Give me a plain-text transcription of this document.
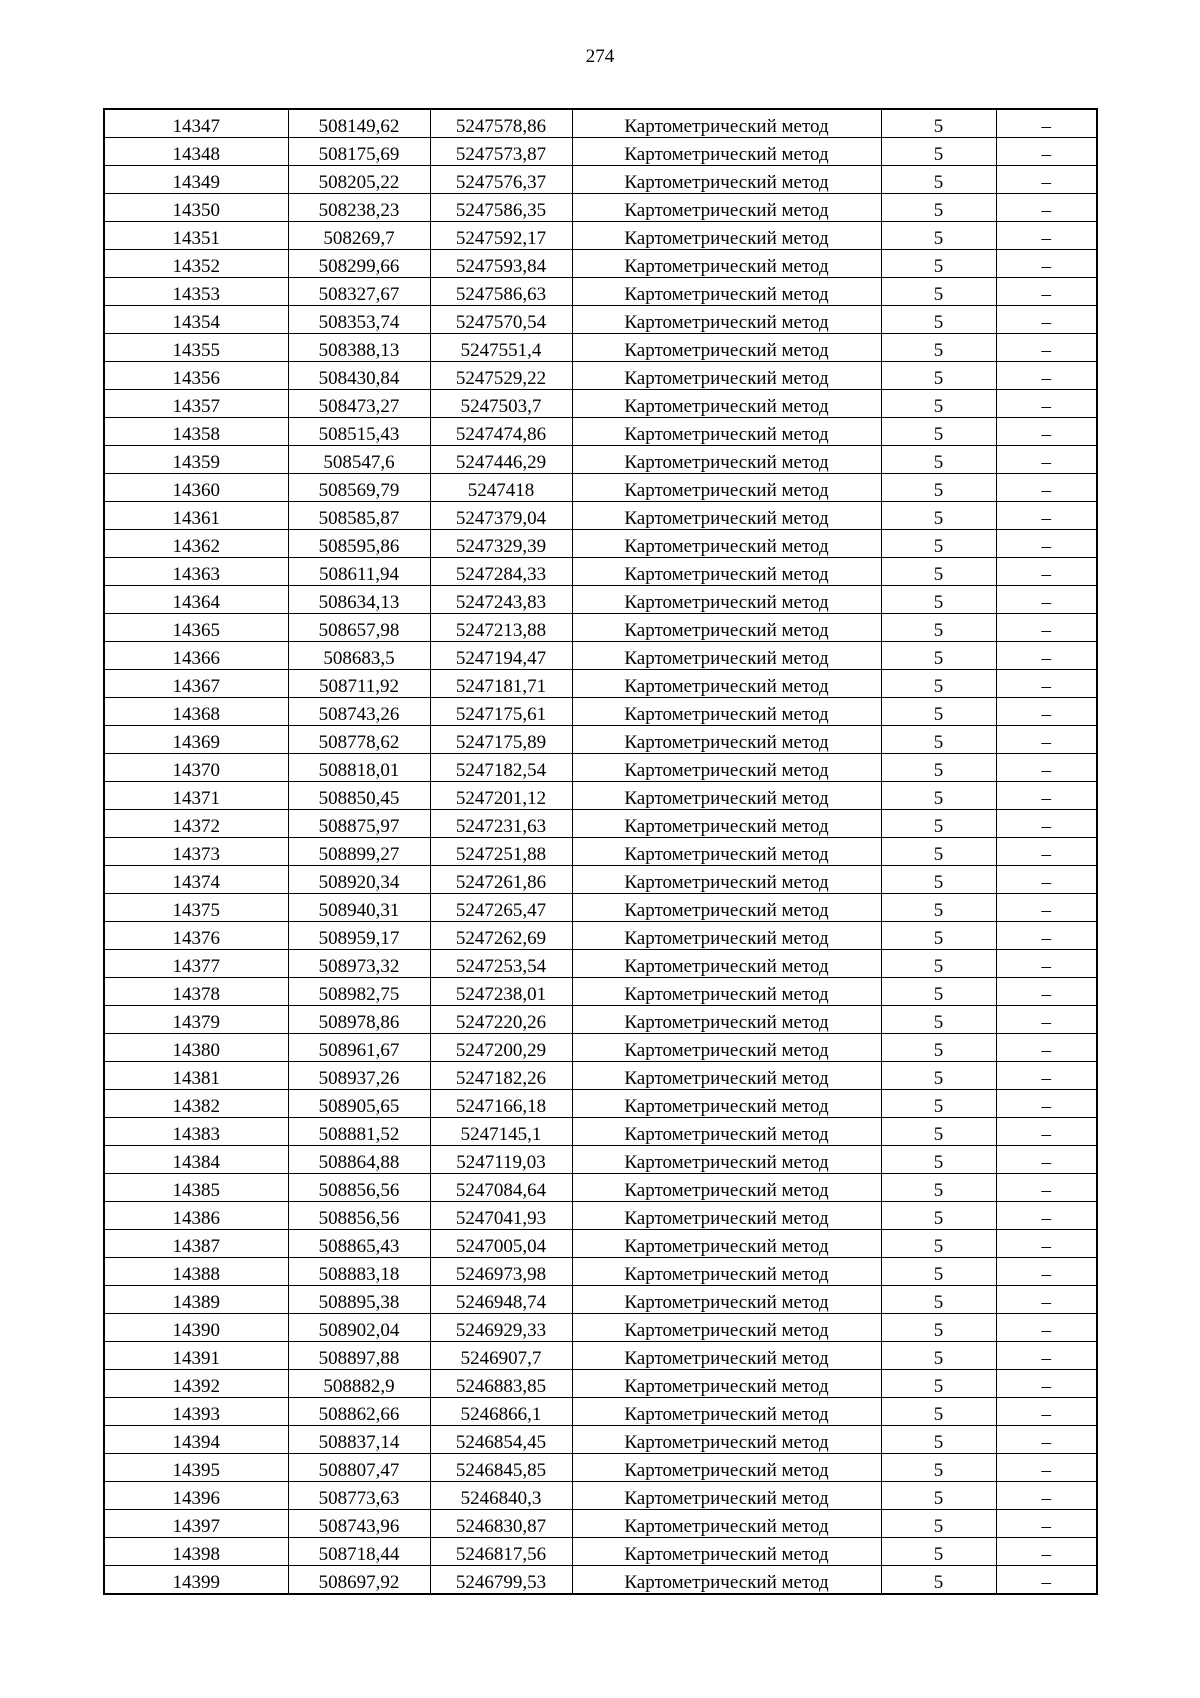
274
14347	508149,62	5247578,86	Картометрический метод	5	–
14348	508175,69	5247573,87	Картометрический метод	5	–
14349	508205,22	5247576,37	Картометрический метод	5	–
14350	508238,23	5247586,35	Картометрический метод	5	–
14351	508269,7	5247592,17	Картометрический метод	5	–
14352	508299,66	5247593,84	Картометрический метод	5	–
14353	508327,67	5247586,63	Картометрический метод	5	–
14354	508353,74	5247570,54	Картометрический метод	5	–
14355	508388,13	5247551,4	Картометрический метод	5	–
14356	508430,84	5247529,22	Картометрический метод	5	–
14357	508473,27	5247503,7	Картометрический метод	5	–
14358	508515,43	5247474,86	Картометрический метод	5	–
14359	508547,6	5247446,29	Картометрический метод	5	–
14360	508569,79	5247418	Картометрический метод	5	–
14361	508585,87	5247379,04	Картометрический метод	5	–
14362	508595,86	5247329,39	Картометрический метод	5	–
14363	508611,94	5247284,33	Картометрический метод	5	–
14364	508634,13	5247243,83	Картометрический метод	5	–
14365	508657,98	5247213,88	Картометрический метод	5	–
14366	508683,5	5247194,47	Картометрический метод	5	–
14367	508711,92	5247181,71	Картометрический метод	5	–
14368	508743,26	5247175,61	Картометрический метод	5	–
14369	508778,62	5247175,89	Картометрический метод	5	–
14370	508818,01	5247182,54	Картометрический метод	5	–
14371	508850,45	5247201,12	Картометрический метод	5	–
14372	508875,97	5247231,63	Картометрический метод	5	–
14373	508899,27	5247251,88	Картометрический метод	5	–
14374	508920,34	5247261,86	Картометрический метод	5	–
14375	508940,31	5247265,47	Картометрический метод	5	–
14376	508959,17	5247262,69	Картометрический метод	5	–
14377	508973,32	5247253,54	Картометрический метод	5	–
14378	508982,75	5247238,01	Картометрический метод	5	–
14379	508978,86	5247220,26	Картометрический метод	5	–
14380	508961,67	5247200,29	Картометрический метод	5	–
14381	508937,26	5247182,26	Картометрический метод	5	–
14382	508905,65	5247166,18	Картометрический метод	5	–
14383	508881,52	5247145,1	Картометрический метод	5	–
14384	508864,88	5247119,03	Картометрический метод	5	–
14385	508856,56	5247084,64	Картометрический метод	5	–
14386	508856,56	5247041,93	Картометрический метод	5	–
14387	508865,43	5247005,04	Картометрический метод	5	–
14388	508883,18	5246973,98	Картометрический метод	5	–
14389	508895,38	5246948,74	Картометрический метод	5	–
14390	508902,04	5246929,33	Картометрический метод	5	–
14391	508897,88	5246907,7	Картометрический метод	5	–
14392	508882,9	5246883,85	Картометрический метод	5	–
14393	508862,66	5246866,1	Картометрический метод	5	–
14394	508837,14	5246854,45	Картометрический метод	5	–
14395	508807,47	5246845,85	Картометрический метод	5	–
14396	508773,63	5246840,3	Картометрический метод	5	–
14397	508743,96	5246830,87	Картометрический метод	5	–
14398	508718,44	5246817,56	Картометрический метод	5	–
14399	508697,92	5246799,53	Картометрический метод	5	–
